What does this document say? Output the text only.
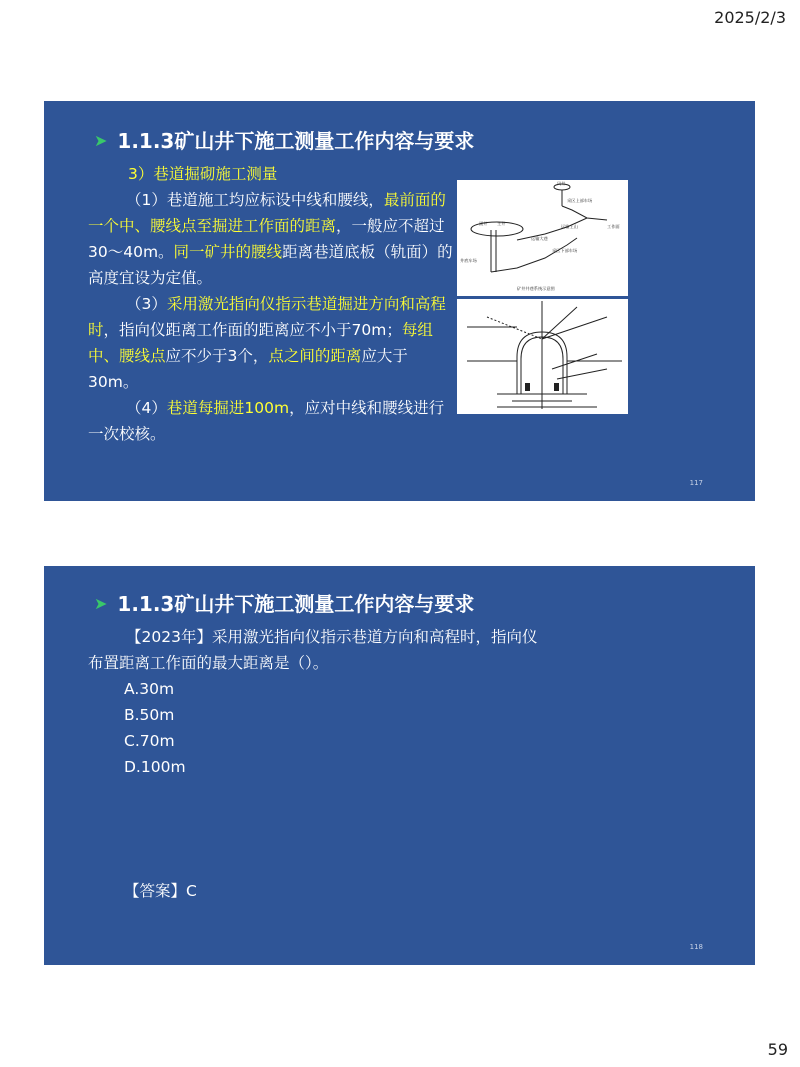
2025/2/3
➤ 1.1.3矿山井下施工测量工作内容与要求

3）巷道掘砌施工测量

（1）巷道施工均应标设中线和腰线，最前面的一个中、腰线点至掘进工作面的距离，一般应不超过30～40m。同一矿井的腰线距离巷道底板（轨面）的高度宜设为定值。

（3）采用激光指向仪指示巷道掘进方向和高程时，指向仪距离工作面的距离应不小于70m；每组中、腰线点应不少于3个，点之间的距离应大于30m。

（4）巷道每掘进100m，应对中线和腰线进行一次校核。

风井
副井 主井
运输大巷
运输上山
井底车场
采区上部车场
采区下部车场
工作面
矿井井巷系统示意图
117
➤ 1.1.3矿山井下施工测量工作内容与要求

【2023年】采用激光指向仪指示巷道方向和高程时，指向仪

布置距离工作面的最大距离是（）。

A.30m
B.50m
C.70m
D.100m
【答案】C
118
59
